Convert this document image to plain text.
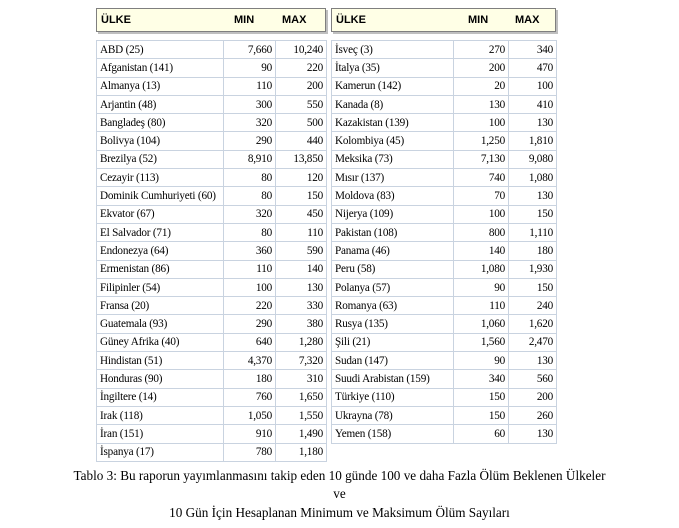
ÜLKE	MIN	MAX	ÜLKE	MIN MAX
ABD (25)	7,660	10,240
Afganistan (141)	90	220
Almanya (13)	110	200
Arjantin (48)	300	550
Bangladeş (80)	320	500
Bolivya (104)	290	440
Brezilya (52)	8,910	13,850
Cezayir (113)	80	120
Dominik Cumhuriyeti (60)	80	150
Ekvator (67)	320	450
El Salvador (71)	80	110
Endonezya (64)	360	590
Ermenistan (86)	110	140
Filipinler (54)	100	130
Fransa (20)	220	330
Guatemala (93)	290	380
Güney Afrika (40)	640	1,280
Hindistan (51)	4,370	7,320
Honduras (90)	180	310
İngiltere (14)	760	1,650
Irak (118)	1,050	1,550
İran (151)	910	1,490
İspanya (17)	780	1,180
İsveç (3)	270	340
İtalya (35)	200	470
Kamerun (142)	20	100
Kanada (8)	130	410
Kazakistan (139)	100	130
Kolombiya (45)	1,250	1,810
Meksika (73)	7,130	9,080
Mısır (137)	740	1,080
Moldova (83)	70	130
Nijerya (109)	100	150
Pakistan (108)	800	1,110
Panama (46)	140	180
Peru (58)	1,080	1,930
Polanya (57)	90	150
Romanya (63)	110	240
Rusya (135)	1,060	1,620
Şili (21)	1,560	2,470
Sudan (147)	90	130
Suudi Arabistan (159)	340	560
Türkiye (110)	150	200
Ukrayna (78)	150	260
Yemen (158)	60	130
Tablo 3: Bu raporun yayımlanmasını takip eden 10 günde 100 ve daha Fazla Ölüm Beklenen Ülkeler
ve
10 Gün İçin Hesaplanan Minimum ve Maksimum Ölüm Sayıları
